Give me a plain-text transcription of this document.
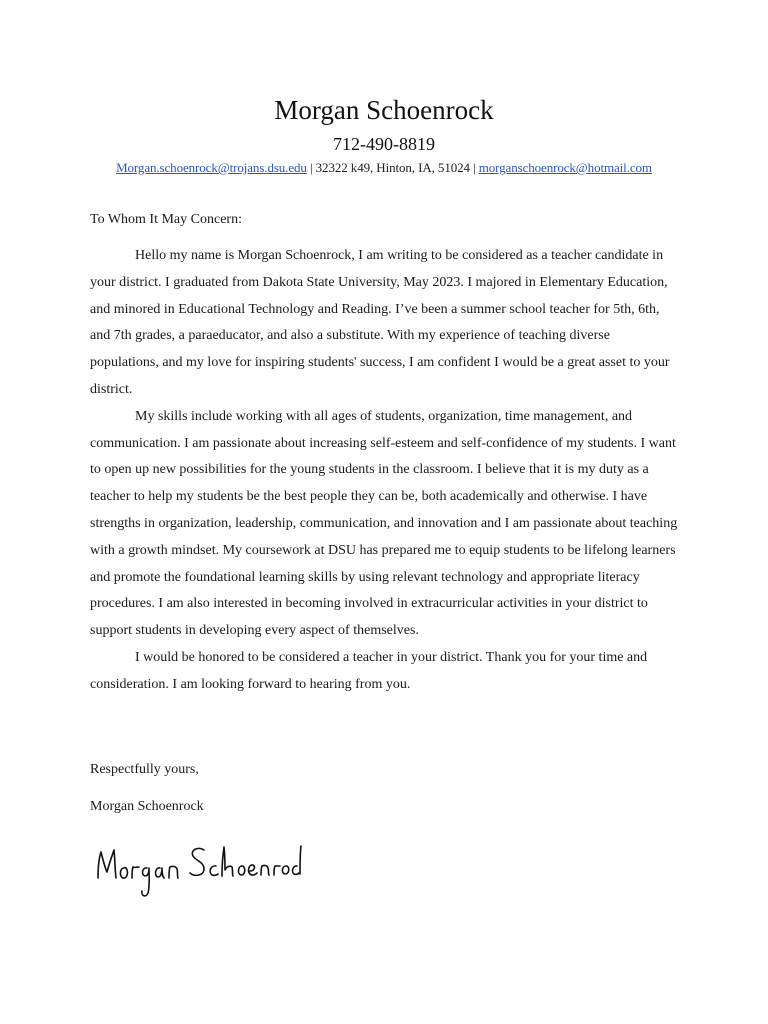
Morgan Schoenrock
712-490-8819
Morgan.schoenrock@trojans.dsu.edu | 32322 k49, Hinton, IA, 51024 | morganschoenrock@hotmail.com
To Whom It May Concern:

Hello my name is Morgan Schoenrock, I am writing to be considered as a teacher candidate in your district. I graduated from Dakota State University, May 2023. I majored in Elementary Education, and minored in Educational Technology and Reading. I’ve been a summer school teacher for 5th, 6th, and 7th grades, a paraeducator, and also a substitute. With my experience of teaching diverse populations, and my love for inspiring students' success, I am confident I would be a great asset to your district.

My skills include working with all ages of students, organization, time management, and communication. I am passionate about increasing self-esteem and self-confidence of my students. I want to open up new possibilities for the young students in the classroom. I believe that it is my duty as a teacher to help my students be the best people they can be, both academically and otherwise. I have strengths in organization, leadership, communication, and innovation and I am passionate about teaching with a growth mindset. My coursework at DSU has prepared me to equip students to be lifelong learners and promote the foundational learning skills by using relevant technology and appropriate literacy procedures. I am also interested in becoming involved in extracurricular activities in your district to support students in developing every aspect of themselves.

I would be honored to be considered a teacher in your district. Thank you for your time and consideration. I am looking forward to hearing from you.

Respectfully yours,
Morgan Schoenrock
